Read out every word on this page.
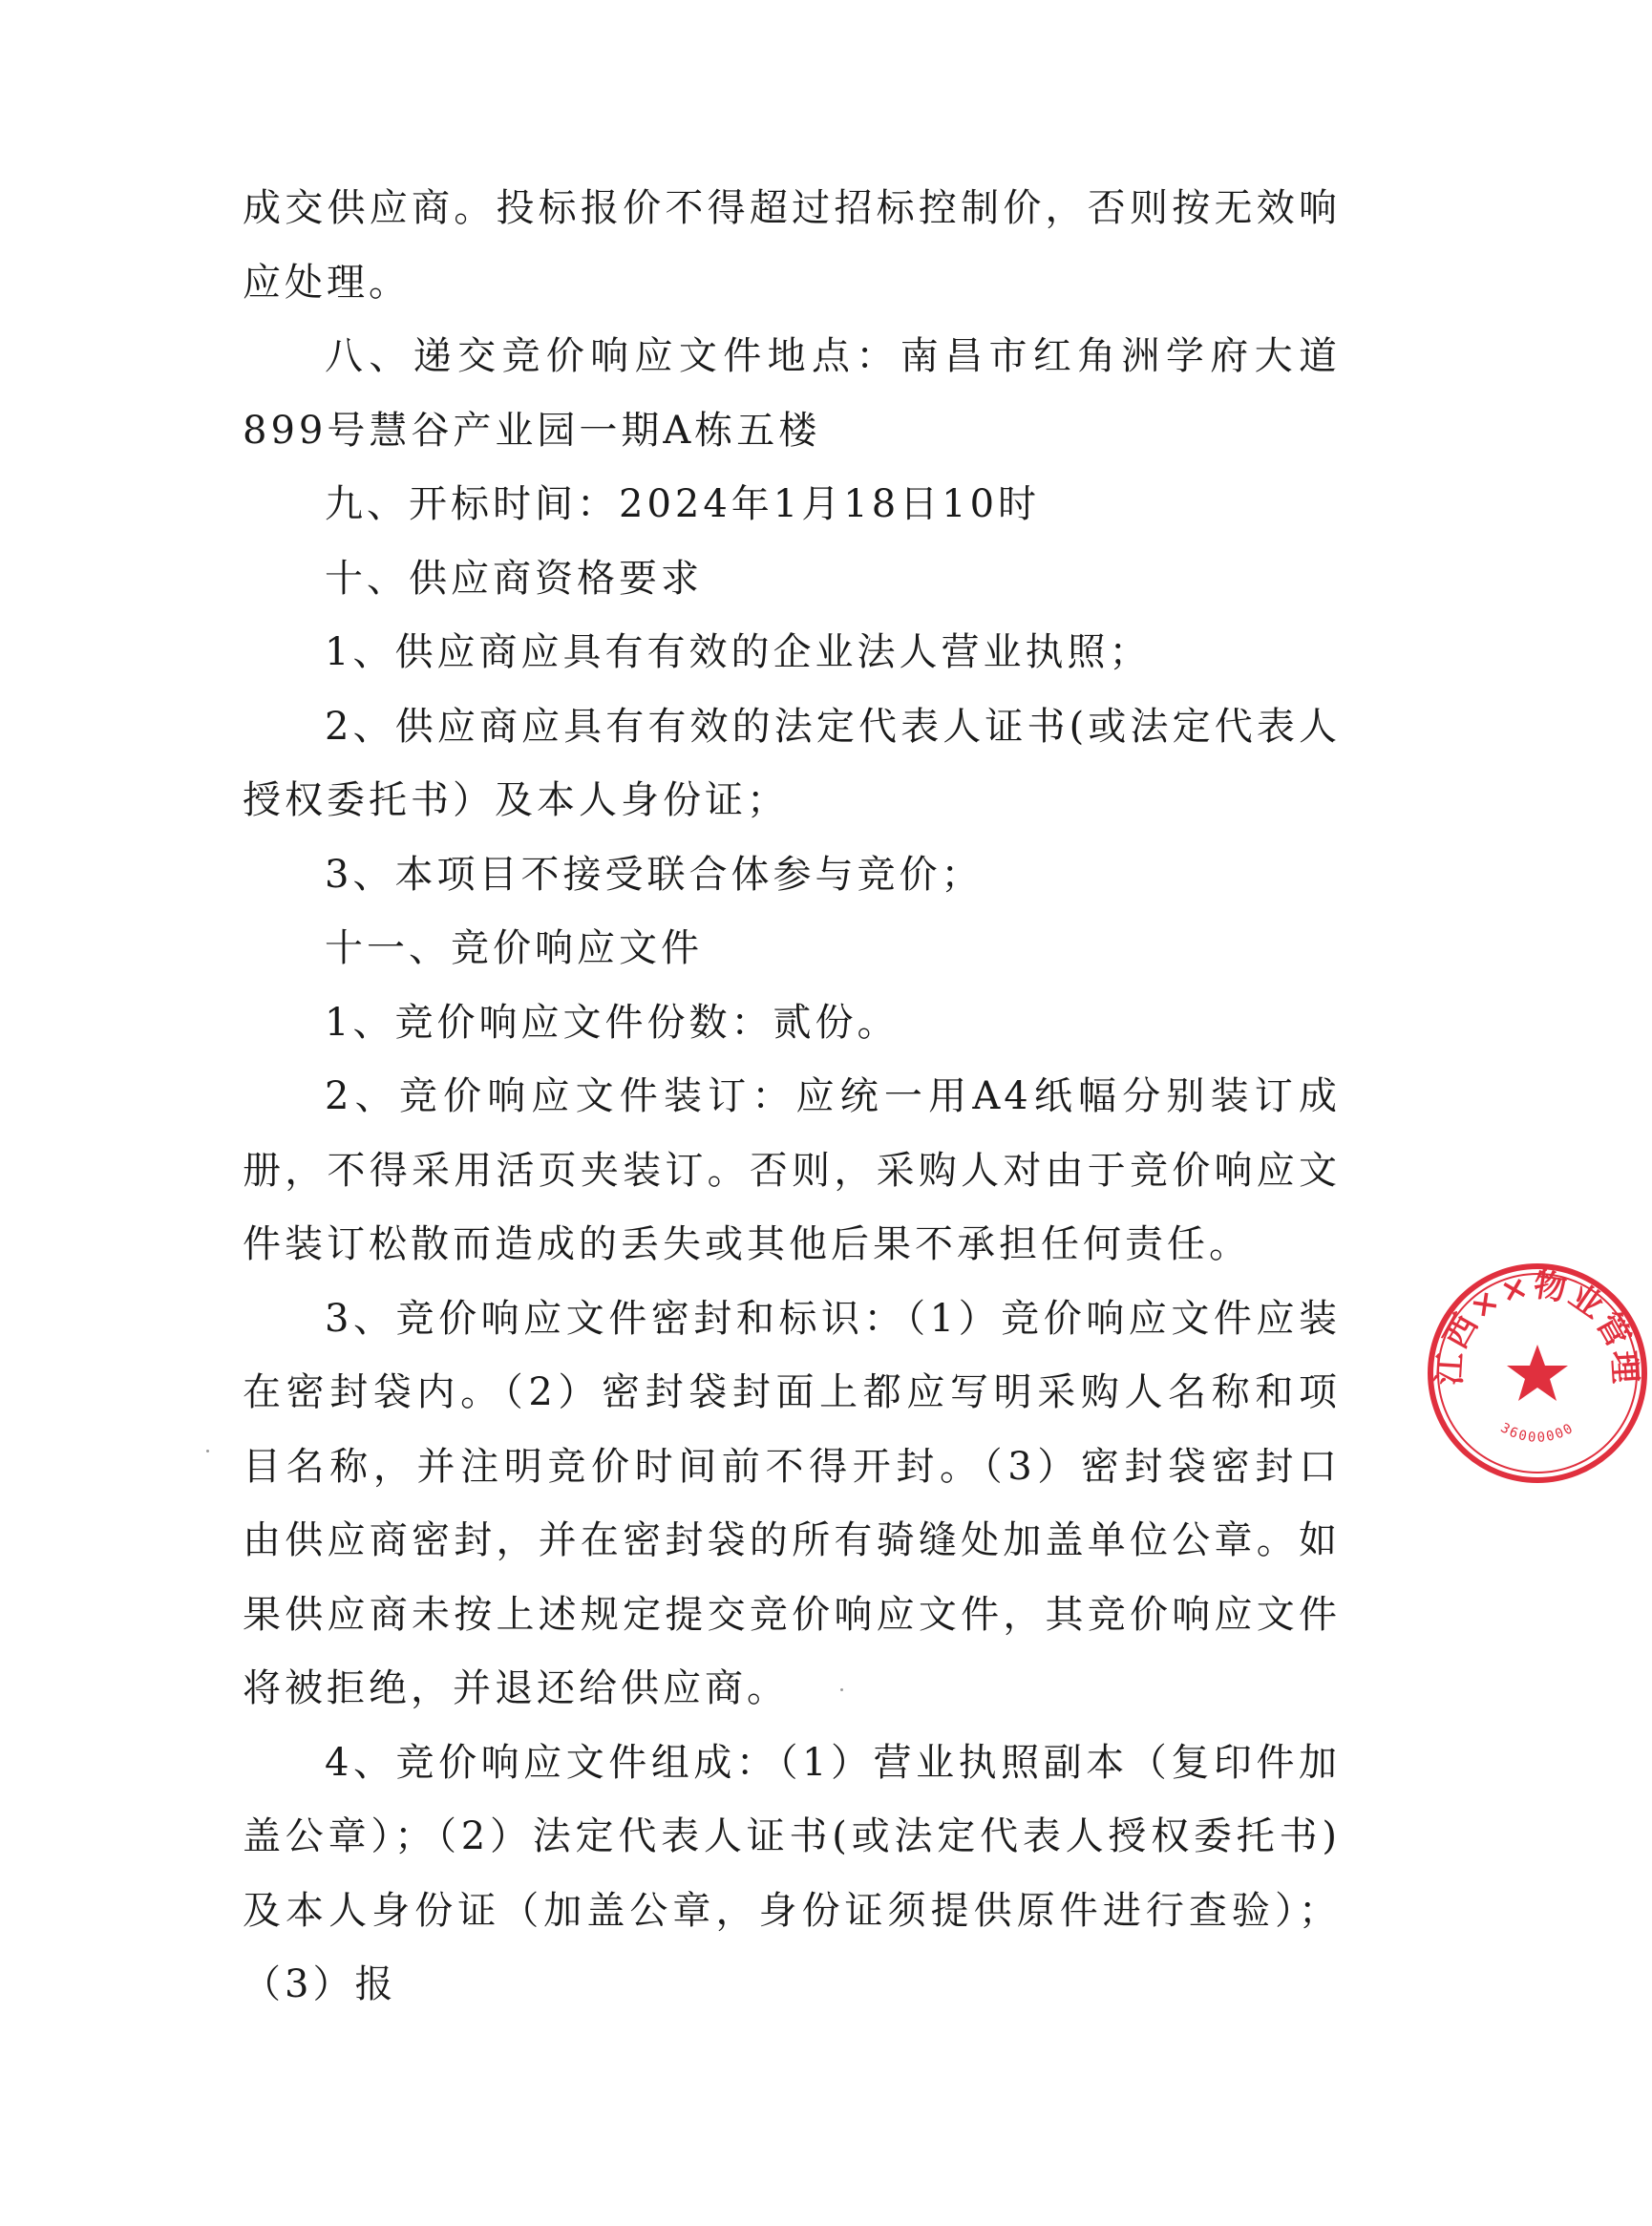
成交供应商。投标报价不得超过招标控制价，否则按无效响应处理。

八、递交竞价响应文件地点：南昌市红角洲学府大道899号慧谷产业园一期A栋五楼

九、开标时间：2024年1月18日10时

十、供应商资格要求

1、供应商应具有有效的企业法人营业执照；

2、供应商应具有有效的法定代表人证书(或法定代表人授权委托书）及本人身份证；

3、本项目不接受联合体参与竞价；

十一、竞价响应文件

1、竞价响应文件份数：贰份。

2、竞价响应文件装订：应统一用A4纸幅分别装订成册，不得采用活页夹装订。否则，采购人对由于竞价响应文件装订松散而造成的丢失或其他后果不承担任何责任。

3、竞价响应文件密封和标识：（1）竞价响应文件应装在密封袋内。（2）密封袋封面上都应写明采购人名称和项目名称，并注明竞价时间前不得开封。（3）密封袋密封口由供应商密封，并在密封袋的所有骑缝处加盖单位公章。如果供应商未按上述规定提交竞价响应文件，其竞价响应文件将被拒绝，并退还给供应商。

4、竞价响应文件组成：（1）营业执照副本（复印件加盖公章）；（2）法定代表人证书(或法定代表人授权委托书)及本人身份证（加盖公章，身份证须提供原件进行查验）；（3）报

江西××物业管理
36000000
